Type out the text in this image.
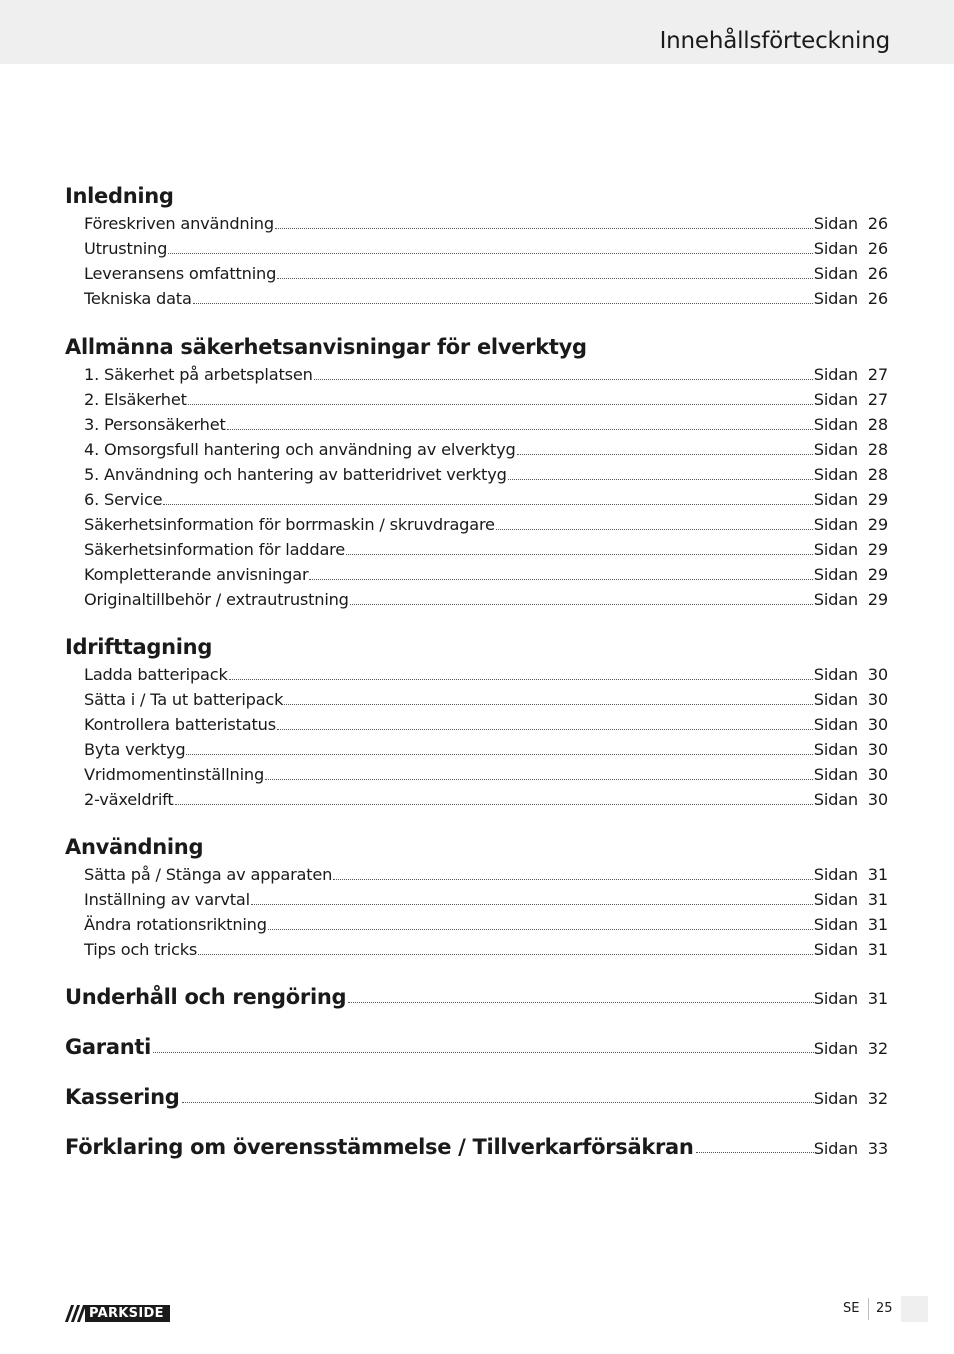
Innehållsförteckning
Inledning
Föreskriven användning	Sidan 26
Utrustning	Sidan 26
Leveransens omfattning	Sidan 26
Tekniska data	Sidan 26
Allmänna säkerhetsanvisningar för elverktyg
1. Säkerhet på arbetsplatsen	Sidan 27
2. Elsäkerhet	Sidan 27
3. Personsäkerhet	Sidan 28
4. Omsorgsfull hantering och användning av elverktyg	Sidan 28
5. Användning och hantering av batteridrivet verktyg	Sidan 28
6. Service	Sidan 29
Säkerhetsinformation för borrmaskin / skruvdragare	Sidan 29
Säkerhetsinformation för laddare	Sidan 29
Kompletterande anvisningar	Sidan 29
Originaltillbehör / extrautrustning	Sidan 29
Idrifttagning
Ladda batteripack	Sidan 30
Sätta i / Ta ut batteripack	Sidan 30
Kontrollera batteristatus	Sidan 30
Byta verktyg	Sidan 30
Vridmomentinställning	Sidan 30
2-växeldrift	Sidan 30
Användning
Sätta på / Stänga av apparaten	Sidan 31
Inställning av varvtal	Sidan 31
Ändra rotationsriktning	Sidan 31
Tips och tricks	Sidan 31
Underhåll och rengöring	Sidan 31
Garanti	Sidan 32
Kassering	Sidan 32
Förklaring om överensstämmelse / Tillverkarförsäkran	Sidan 33
PARKSIDE	SE 25
